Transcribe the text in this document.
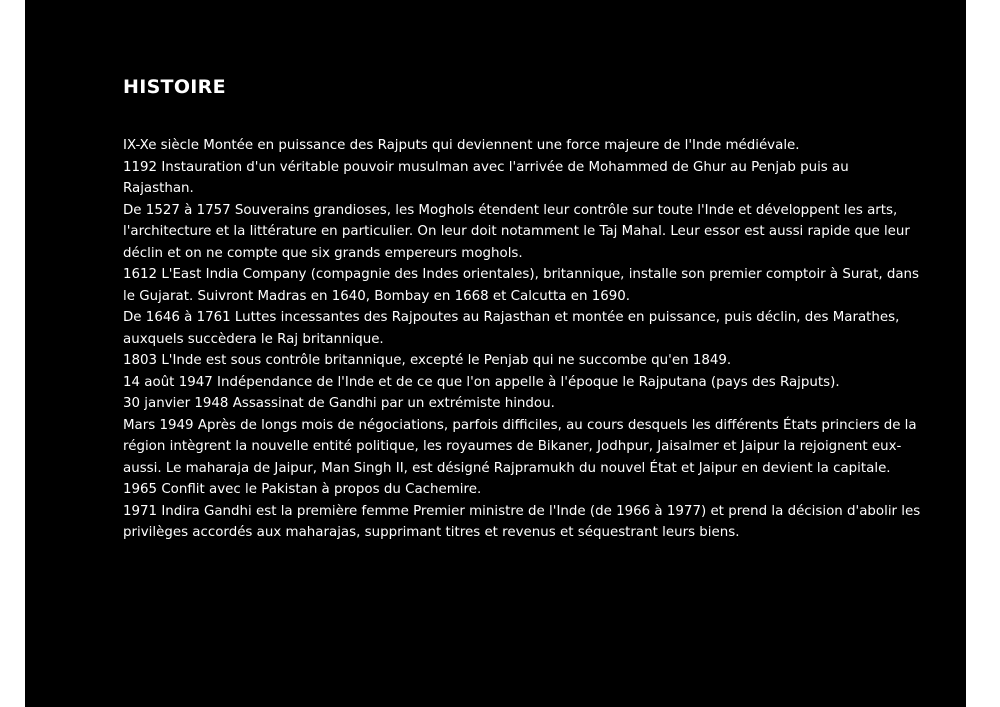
HISTOIRE

IX-Xe siècle Montée en puissance des Rajputs qui deviennent une force majeure de l'Inde médiévale.

1192 Instauration d'un véritable pouvoir musulman avec l'arrivée de Mohammed de Ghur au Penjab puis au Rajasthan.

De 1527 à 1757 Souverains grandioses, les Moghols étendent leur contrôle sur toute l'Inde et développent les arts, l'architecture et la littérature en particulier. On leur doit notamment le Taj Mahal. Leur essor est aussi rapide que leur déclin et on ne compte que six grands empereurs moghols.

1612 L'East India Company (compagnie des Indes orientales), britannique, installe son premier comptoir à Surat, dans le Gujarat. Suivront Madras en 1640, Bombay en 1668 et Calcutta en 1690.

De 1646 à 1761 Luttes incessantes des Rajpoutes au Rajasthan et montée en puissance, puis déclin, des Marathes, auxquels succèdera le Raj britannique.

1803 L'Inde est sous contrôle britannique, excepté le Penjab qui ne succombe qu'en 1849.

14 août 1947 Indépendance de l'Inde et de ce que l'on appelle à l'époque le Rajputana (pays des Rajputs).

30 janvier 1948 Assassinat de Gandhi par un extrémiste hindou.

Mars 1949 Après de longs mois de négociations, parfois difficiles, au cours desquels les différents États princiers de la région intègrent la nouvelle entité politique, les royaumes de Bikaner, Jodhpur, Jaisalmer et Jaipur la rejoignent eux-aussi. Le maharaja de Jaipur, Man Singh II, est désigné Rajpramukh du nouvel État et Jaipur en devient la capitale.

1965 Conflit avec le Pakistan à propos du Cachemire.

1971 Indira Gandhi est la première femme Premier ministre de l'Inde (de 1966 à 1977) et prend la décision d'abolir les privilèges accordés aux maharajas, supprimant titres et revenus et séquestrant leurs biens.
